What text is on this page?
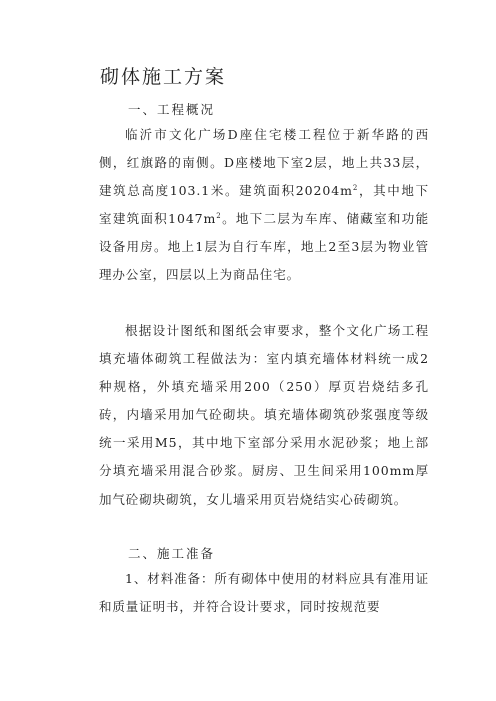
砌体施工方案
一、工程概况

临沂市文化广场D座住宅楼工程位于新华路的西侧，红旗路的南侧。D座楼地下室2层，地上共33层，建筑总高度103.1米。建筑面积$20204m^2$，其中地下室建筑面积$1047m^2$。地下二层为车库、储藏室和功能设备用房。地上1层为自行车库，地上2至3层为物业管理办公室，四层以上为商品住宅。

根据设计图纸和图纸会审要求，整个文化广场工程填充墙体砌筑工程做法为：室内填充墙体材料统一成2种规格，外填充墙采用200（250）厚页岩烧结多孔砖，内墙采用加气砼砌块。填充墙体砌筑砂浆强度等级统一采用M5，其中地下室部分采用水泥砂浆；地上部分填充墙采用混合砂浆。厨房、卫生间采用100mm厚加气砼砌块砌筑，女儿墙采用页岩烧结实心砖砌筑。

二、施工准备

1、材料准备：所有砌体中使用的材料应具有准用证和质量证明书，并符合设计要求，同时按规范要
